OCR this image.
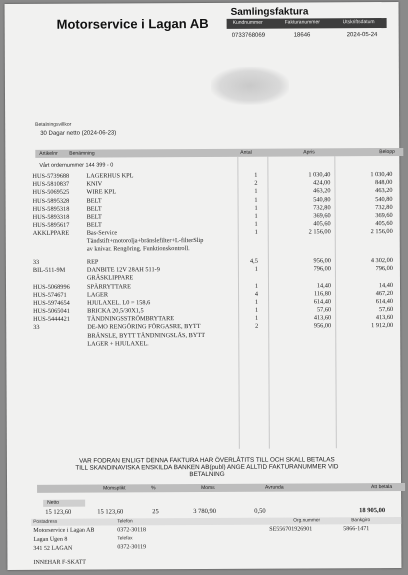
Motorservice i Lagan AB
Samlingsfaktura
Kundnummer	Fakturanummer	Utskriftsdatum
0733768069	18646	2024-05-24
Betalningsvillkor
30 Dagar netto (2024-06-23)
Artikelnr Benämning	Antal	Apris	Belopp
Vårt ordernummer 144 399 - 0
HUS-5739688	LAGERHUS KPL	1	1 030,40	1 030,40
HUS-5810837	KNIV	2	424,00	848,00
HUS-5069525	WIRE KPL	1	463,20	463,20
HUS-5895328	BELT	1	540,80	540,80
HUS-5895318	BELT	1	732,80	732,80
HUS-5893318	BELT	1	369,60	369,60
HUS-5895617	BELT	1	405,60	405,60
AKKLPPARE	Bas-Service	1	2 156,00	2 156,00
Tändstift+motorolja+bränslefilter+L-filterSlip
av knivar. Rengöring. Funktionskontroll.
33	REP	4,5	956,00	4 302,00
BIL-511-9M	DANBITE 12V 28AH 511-9	1	796,00	796,00
GRÄSKLIPPARE
HUS-5068996	SPÄRRYTTARE	1	14,40	14,40
HUS-574671	LAGER	4	116,80	467,20
HUS-5974654	HJULAXEL. L0 = 158,6	1	614,40	614,40
HUS-5065041	BRICKA 20,5/30X1,5	1	57,60	57,60
HUS-5444421	TÄNDNINGSSTRÖMBRYTARE	1	413,60	413,60
33	DE-MO RENGÖRING FÖRGASRE, BYTT	2	956,00	1 912,00
BRÄNSLE, BYTT TÄNDNINGSLÅS, BYTT
LAGER + HJULAXEL.
VAR FODRAN ENLIGT DENNA FAKTURA HAR ÖVERLÅTITS TILL OCH SKALL BETALAS
TILL SKANDINAVISKA ENSKILDA BANKEN AB(publ) ANGE ALLTID FAKTURANUMMER VID
BETALNING
Momsplikt	%	Moms	Avrunda	Att betala
Netto
15 123,60	15 123,60	25	3 780,90	0,50	18 905,00
Postadress	Telefon	Org.nummer	Bankgiro
Motorservice i Lagan AB
Lagan Ugen 8
341 52 LAGAN
0372-30118
Telefax
0372-30119
SE556701926901	5866-1471
INNEHAR F-SKATT
